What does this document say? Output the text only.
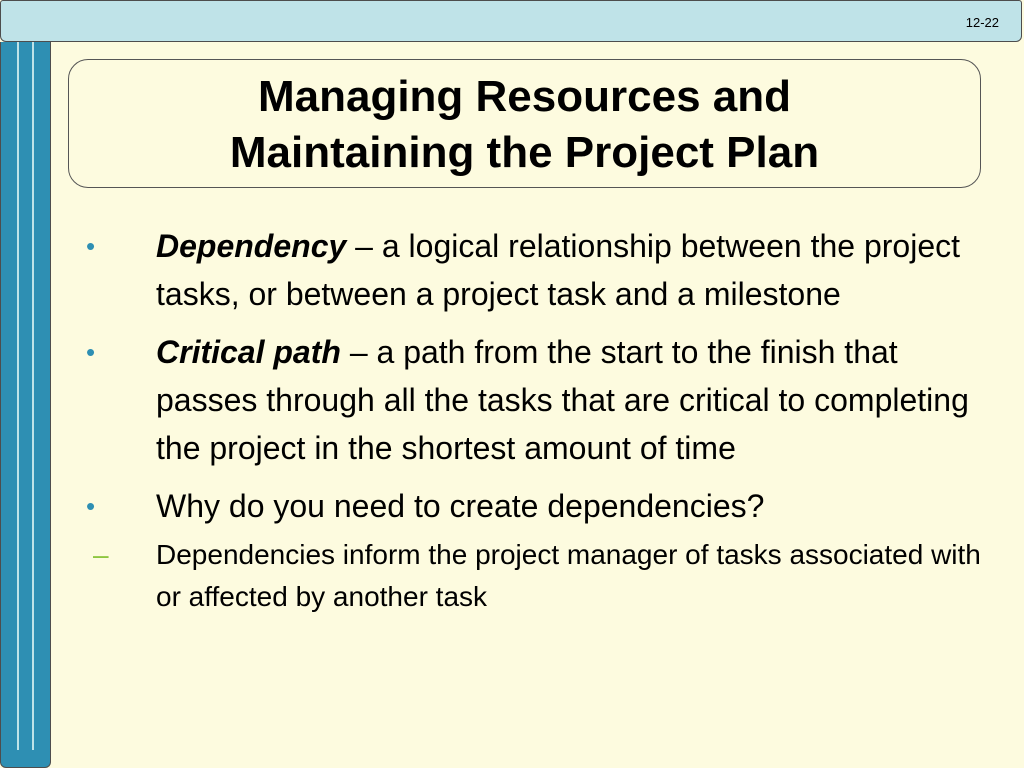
12-22
Managing Resources and
Maintaining the Project Plan
• Dependency – a logical relationship between the project tasks, or between a project task and a milestone
• Critical path – a path from the start to the finish that passes through all the tasks that are critical to completing the project in the shortest amount of time
• Why do you need to create dependencies?
– Dependencies inform the project manager of tasks associated with or affected by another task
